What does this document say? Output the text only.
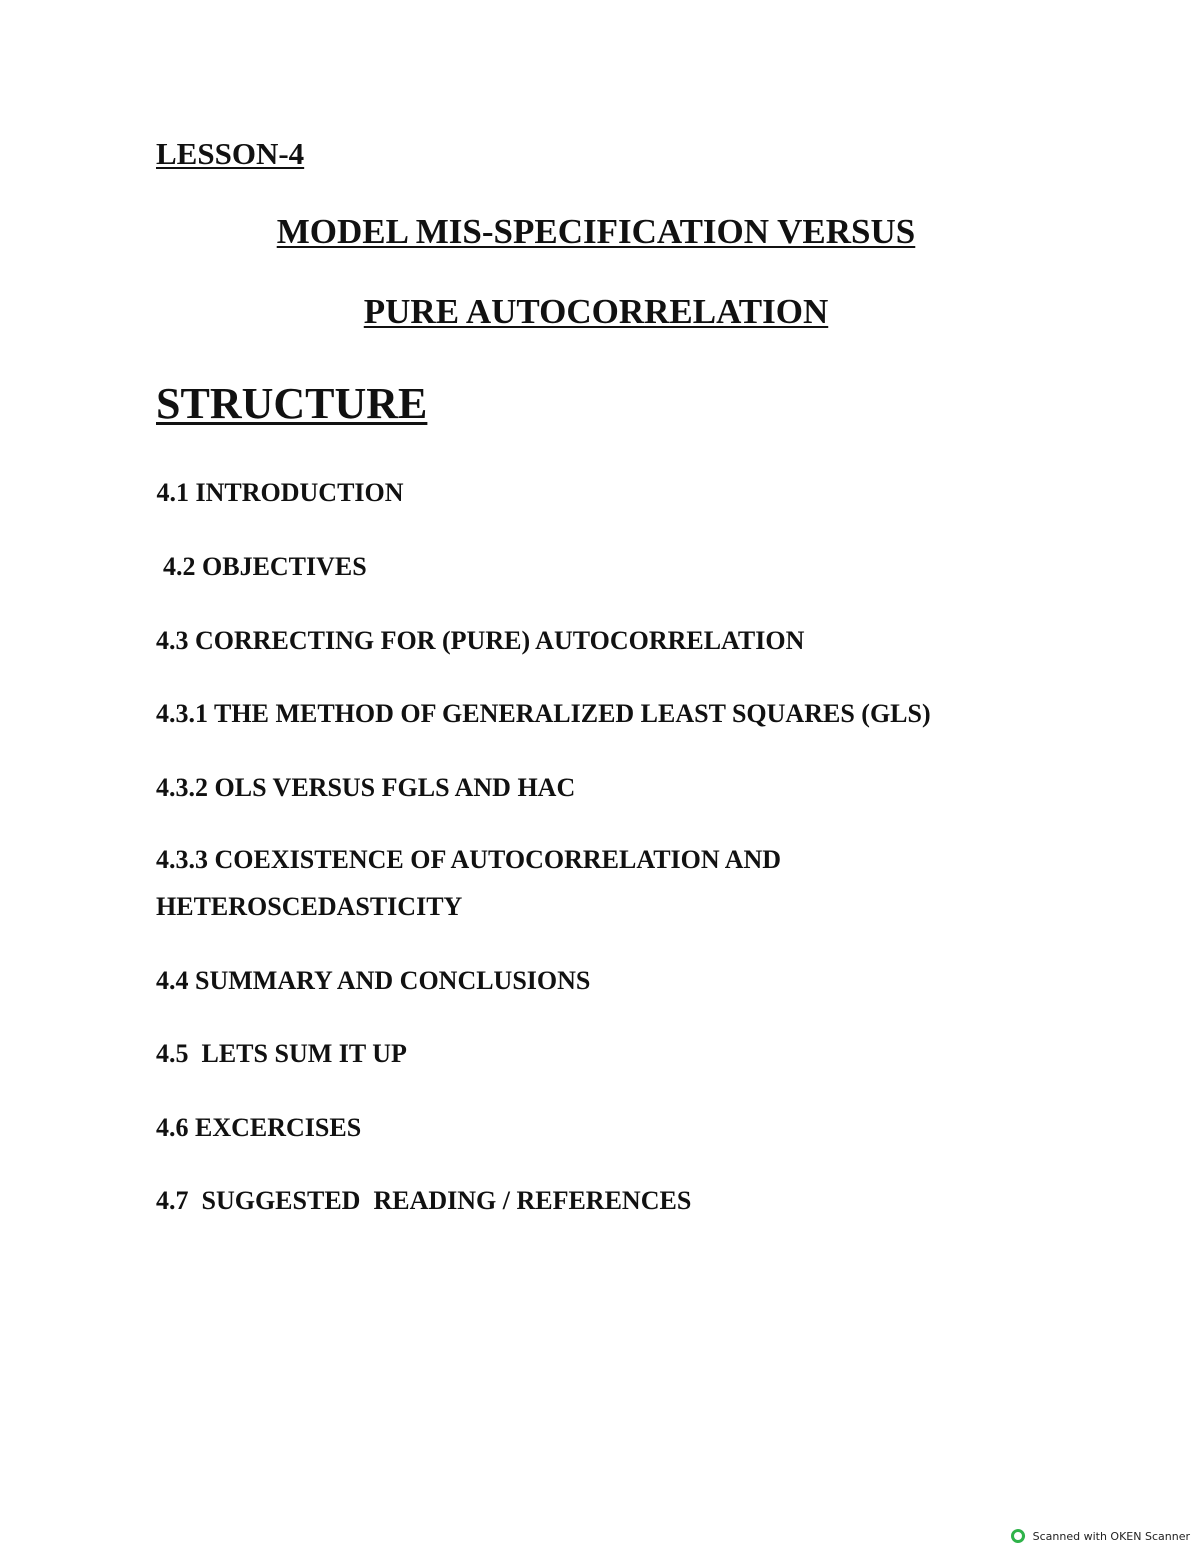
LESSON-4
MODEL MIS-SPECIFICATION VERSUS
PURE AUTOCORRELATION
STRUCTURE
4.1 INTRODUCTION
4.2 OBJECTIVES
4.3 CORRECTING FOR (PURE) AUTOCORRELATION
4.3.1 THE METHOD OF GENERALIZED LEAST SQUARES (GLS)
4.3.2 OLS VERSUS FGLS AND HAC
4.3.3 COEXISTENCE OF AUTOCORRELATION AND
HETEROSCEDASTICITY
4.4 SUMMARY AND CONCLUSIONS
4.5  LETS SUM IT UP
4.6 EXCERCISES
4.7  SUGGESTED  READING / REFERENCES
Scanned with OKEN Scanner
